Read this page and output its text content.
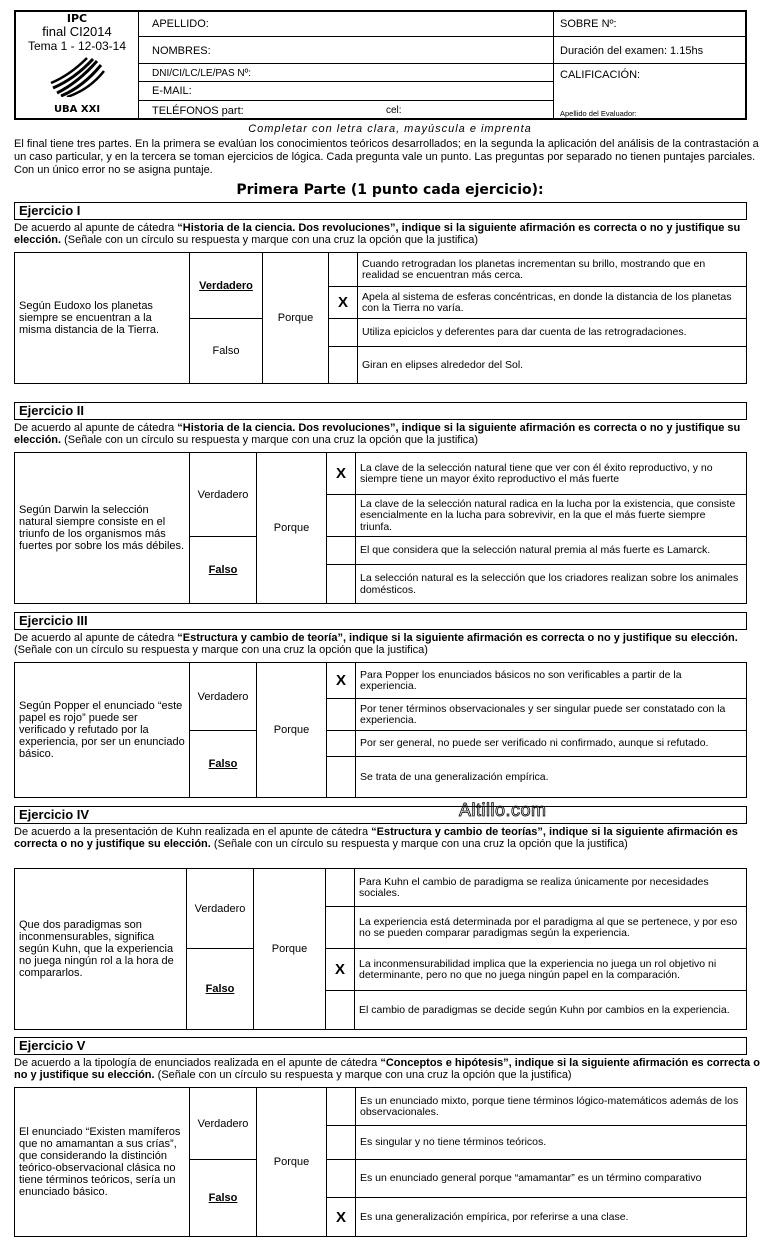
IPC
final CI2014
Tema 1 - 12-03-14
UBA XXI
APELLIDO:
NOMBRES:
DNI/CI/LC/LE/PAS Nº:
E-MAIL:
TELÉFONOS part:	cel:
SOBRE Nº:
Duración del examen: 1.15hs
CALIFICACIÓN:
Apellido del Evaluador:
Completar con letra clara, mayúscula e imprenta
El final tiene tres partes. En la primera se evalúan los conocimientos teóricos desarrollados; en la segunda la aplicación del análisis de la contrastación a un caso particular, y en la tercera se toman ejercicios de lógica. Cada pregunta vale un punto. Las preguntas por separado no tienen puntajes parciales. Con un único error no se asigna puntaje.
Primera Parte (1 punto cada ejercicio):
Altillo.com
Ejercicio I
De acuerdo al apunte de cátedra “Historia de la ciencia. Dos revoluciones”, indique si la siguiente afirmación es correcta o no y justifique su elección. (Señale con un círculo su respuesta y marque con una cruz la opción que la justifica)
Según Eudoxo los planetas siempre se encuentran a la misma distancia de la Tierra.
Verdadero
Falso
Porque
Cuando retrogradan los planetas incrementan su brillo, mostrando que en realidad se encuentran más cerca.
X	Apela al sistema de esferas concéntricas, en donde la distancia de los planetas con la Tierra no varía.
Utiliza epiciclos y deferentes para dar cuenta de las retrogradaciones.
Giran en elipses alrededor del Sol.
Ejercicio II
De acuerdo al apunte de cátedra “Historia de la ciencia. Dos revoluciones”, indique si la siguiente afirmación es correcta o no y justifique su elección. (Señale con un círculo su respuesta y marque con una cruz la opción que la justifica)
Según Darwin la selección natural siempre consiste en el triunfo de los organismos más fuertes por sobre los más débiles.
Verdadero
Falso
Porque
X	La clave de la selección natural tiene que ver con él éxito reproductivo, y no siempre tiene un mayor éxito reproductivo el más fuerte
La clave de la selección natural radica en la lucha por la existencia, que consiste esencialmente en la lucha para sobrevivir, en la que el más fuerte siempre triunfa.
El que considera que la selección natural premia al más fuerte es Lamarck.
La selección natural es la selección que los criadores realizan sobre los animales domésticos.
Ejercicio III
De acuerdo al apunte de cátedra “Estructura y cambio de teoría”, indique si la siguiente afirmación es correcta o no y justifique su elección. (Señale con un círculo su respuesta y marque con una cruz la opción que la justifica)
Según Popper el enunciado “este papel es rojo” puede ser verificado y refutado por la experiencia, por ser un enunciado básico.
Verdadero
Falso
Porque
X	Para Popper los enunciados básicos no son verificables a partir de la experiencia.
Por tener términos observacionales y ser singular puede ser constatado con la experiencia.
Por ser general, no puede ser verificado ni confirmado, aunque si refutado.
Se trata de una generalización empírica.
Ejercicio IV
De acuerdo a la presentación de Kuhn realizada en el apunte de cátedra “Estructura y cambio de teorías”, indique si la siguiente afirmación es correcta o no y justifique su elección. (Señale con un círculo su respuesta y marque con una cruz la opción que la justifica)
Que dos paradigmas son inconmensurables, significa según Kuhn, que la experiencia no juega ningún rol a la hora de compararlos.
Verdadero
Falso
Porque
Para Kuhn el cambio de paradigma se realiza únicamente por necesidades sociales.
La experiencia está determinada por el paradigma al que se pertenece, y por eso no se pueden comparar paradigmas según la experiencia.
X	La inconmensurabilidad implica que la experiencia no juega un rol objetivo ni determinante, pero no que no juega ningún papel en la comparación.
El cambio de paradigmas se decide según Kuhn por cambios en la experiencia.
Ejercicio V
De acuerdo a la tipología de enunciados realizada en el apunte de cátedra “Conceptos e hipótesis”, indique si la siguiente afirmación es correcta o no y justifique su elección. (Señale con un círculo su respuesta y marque con una cruz la opción que la justifica)
El enunciado “Existen mamíferos que no amamantan a sus crías”, que considerando la distinción teórico-observacional clásica no tiene términos teóricos, sería un enunciado básico.
Verdadero
Falso
Porque
Es un enunciado mixto, porque tiene términos lógico-matemáticos además de los observacionales.
Es singular y no tiene términos teóricos.
Es un enunciado general porque “amamantar” es un término comparativo
X	Es una generalización empírica, por referirse a una clase.
